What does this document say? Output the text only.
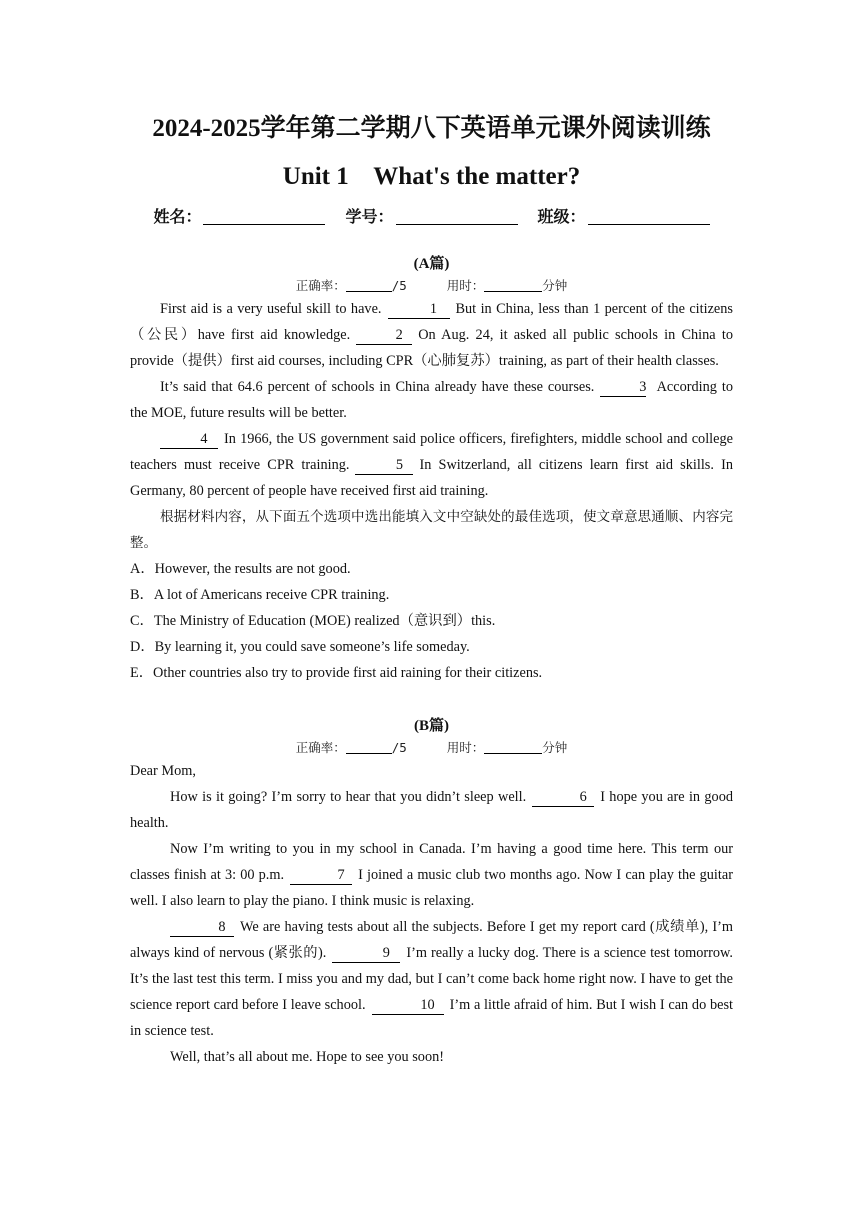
2024-2025学年第二学期八下英语单元课外阅读训练
Unit 1    What's the matter?
姓名：	学号：	班级：
(A篇)
正确率：	/5	用时：	分钟

First aid is a very useful skill to have.	1 But in China, less than 1 percent of the citizens（公民）have first aid knowledge.	2 On Aug. 24, it asked all public schools in China to provide（提供）first aid courses, including CPR（心肺复苏）training, as part of their health classes.

It’s said that 64.6 percent of schools in China already have these courses.	3 According to the MOE, future results will be better.

4 In 1966, the US government said police officers, firefighters, middle school and college teachers must receive CPR training.	5 In Switzerland, all citizens learn first aid skills. In Germany, 80 percent of people have received first aid training.

根据材料内容，从下面五个选项中选出能填入文中空缺处的最佳选项，使文章意思通顺、内容完整。

A．However, the results are not good.
B．A lot of Americans receive CPR training.
C．The Ministry of Education (MOE) realized（意识到）this.
D．By learning it, you could save someone’s life someday.
E．Other countries also try to provide first aid raining for their citizens.
(B篇)
正确率：	/5	用时：	分钟

Dear Mom,

How is it going? I’m sorry to hear that you didn’t sleep well.	6 I hope you are in good health.

Now I’m writing to you in my school in Canada. I’m having a good time here. This term our classes finish at 3: 00 p.m.	7 I joined a music club two months ago. Now I can play the guitar well. I also learn to play the piano. I think music is relaxing.

8 We are having tests about all the subjects. Before I get my report card (成绩单), I’m always kind of nervous (紧张的).	9 I’m really a lucky dog. There is a science test tomorrow. It’s the last test this term. I miss you and my dad, but I can’t come back home right now. I have to get the science report card before I leave school.	10 I’m a little afraid of him. But I wish I can do best in science test.

Well, that’s all about me. Hope to see you soon!
